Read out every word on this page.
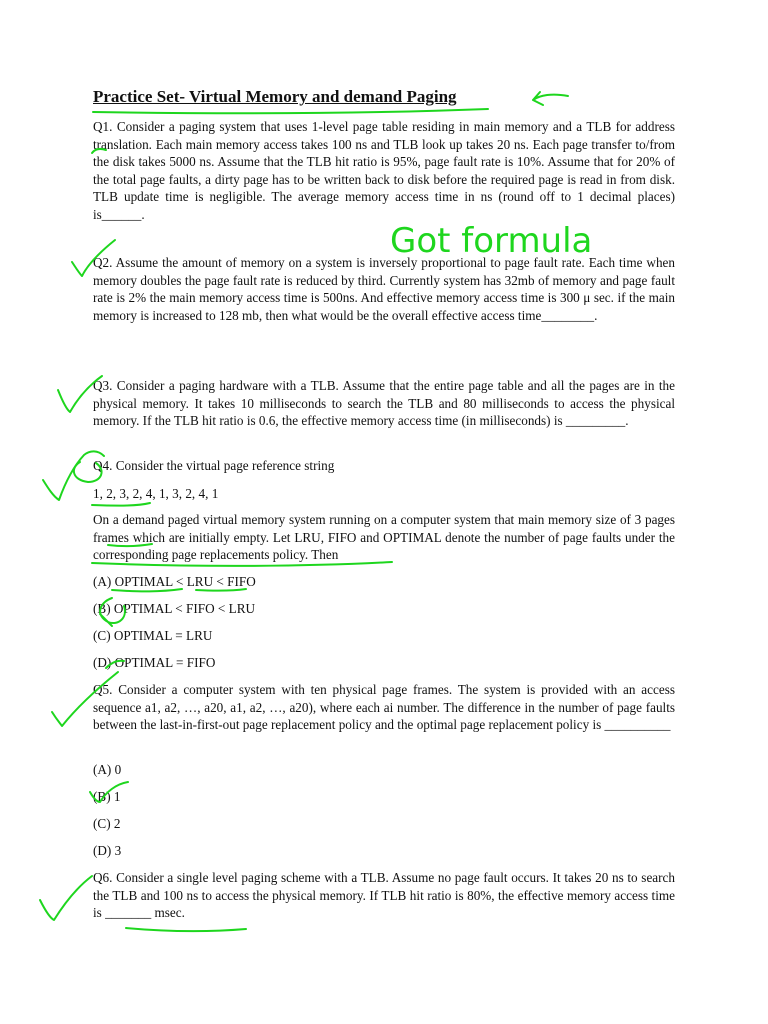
Practice Set- Virtual Memory and demand Paging

Q1. Consider a paging system that uses 1-level page table residing in main memory and a TLB for address translation. Each main memory access takes 100 ns and TLB look up takes 20 ns. Each page transfer to/from the disk takes 5000 ns. Assume that the TLB hit ratio is 95%, page fault rate is 10%. Assume that for 20% of the total page faults, a dirty page has to be written back to disk before the required page is read in from disk. TLB update time is negligible. The average memory access time in ns (round off to 1 decimal places) is______.

Q2. Assume the amount of memory on a system is inversely proportional to page fault rate. Each time when memory doubles the page fault rate is reduced by third. Currently system has 32mb of memory and page fault rate is 2% the main memory access time is 500ns. And effective memory access time is 300 μ sec. if the main memory is increased to 128 mb, then what would be the overall effective access time________.

Q3. Consider a paging hardware with a TLB. Assume that the entire page table and all the pages are in the physical memory. It takes 10 milliseconds to search the TLB and 80 milliseconds to access the physical memory. If the TLB hit ratio is 0.6, the effective memory access time (in milliseconds) is _________.

Q4. Consider the virtual page reference string
1, 2, 3, 2, 4, 1, 3, 2, 4, 1

On a demand paged virtual memory system running on a computer system that main memory size of 3 pages frames which are initially empty. Let LRU, FIFO and OPTIMAL denote the number of page faults under the corresponding page replacements policy. Then

(A) OPTIMAL < LRU < FIFO
(B) OPTIMAL < FIFO < LRU
(C) OPTIMAL = LRU
(D) OPTIMAL = FIFO

Q5. Consider a computer system with ten physical page frames. The system is provided with an access sequence a1, a2, …, a20, a1, a2, …, a20), where each ai number. The difference in the number of page faults between the last-in-first-out page replacement policy and the optimal page replacement policy is __________

(A) 0
(B) 1
(C) 2
(D) 3

Q6. Consider a single level paging scheme with a TLB. Assume no page fault occurs. It takes 20 ns to search the TLB and 100 ns to access the physical memory. If TLB hit ratio is 80%, the effective memory access time is _______ msec.

Got formula
